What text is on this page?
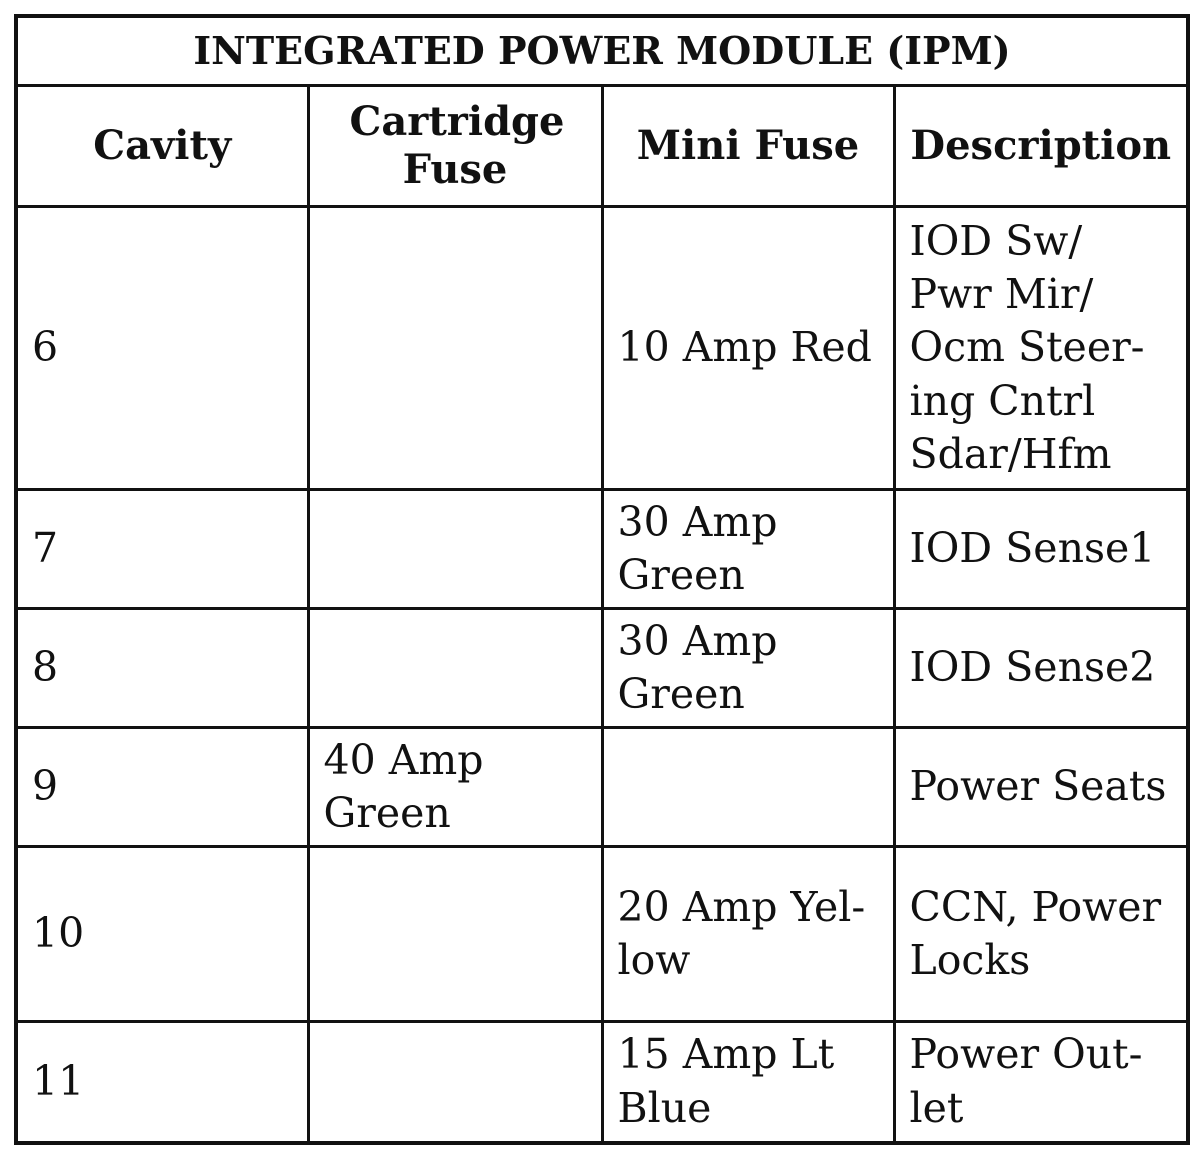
INTEGRATED POWER MODULE (IPM)			
Cavity	Cartridge Fuse	Mini Fuse	Description
6		10 Amp Red	IOD Sw/ Pwr Mir/ Ocm Steer- ing Cntrl Sdar/Hfm
7		30 Amp Green	IOD Sense1
8		30 Amp Green	IOD Sense2
9	40 Amp Green		Power Seats
10		20 Amp Yel- low	CCN, Power Locks
11		15 Amp Lt Blue	Power Out- let
